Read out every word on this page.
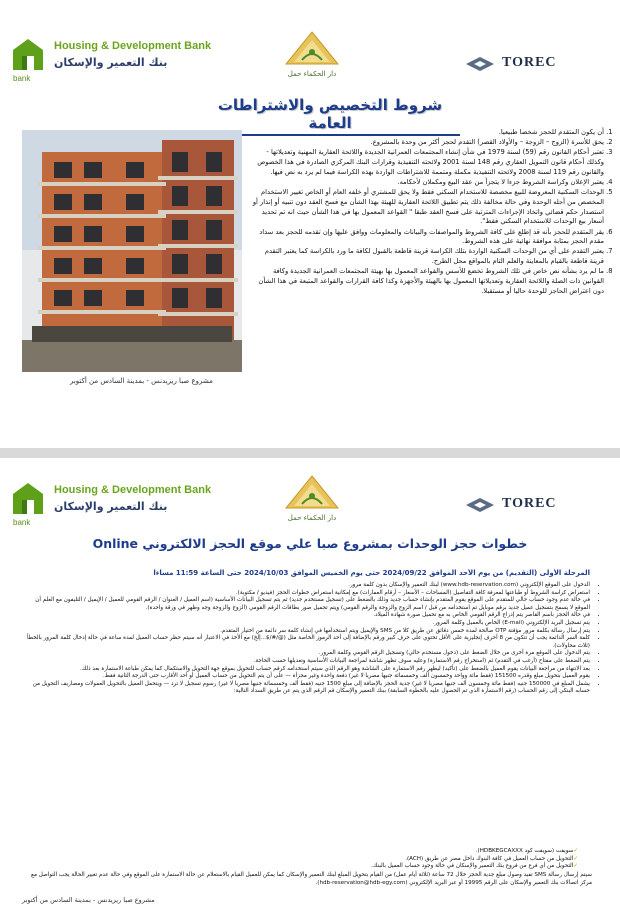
bank
Housing & Development Bank
بنك التعمير والإسكان
دار الحكماء حمل
TOREC
شروط التخصيص والاشتراطات العامة
مشروع صبا ريزيدنس - بمدينة السادس من أكتوبر
1. أن يكون المتقدم للحجز شخصا طبيعيا.
2. يحق للأسرة (الزوج – الزوجة – والأولاد القصر) التقدم لحجز أكثر من وحدة بالمشروع.
3. تعتبر أحكام القانون رقم (59) لسنة 1979 في شأن إنشاء المجتمعات العمرانية الجديدة واللائحة العقارية المهنية وتعديلاتها - وكذلك أحكام قانون التمويل العقاري رقم 148 لسنة 2001 ولائحته التنفيذية وقرارات البنك المركزي الصادرة في هذا الخصوص والقانون رقم 119 لسنة 2008 ولائحته التنفيذية مكملة ومتممة للاشتراطات الواردة بهذه الكراسة فيما لم يرد به نص فيها.
4. يعتبر الإعلان وكراسة الشروط جزءا لا يتجزأ من عقد البيع ومكملان لأحكامه.
5. الوحدات السكنية المعروضة للبيع مخصصة للاستخدام السكني فقط ولا يحق للمشتري أو خلفه العام أو الخاص تغيير الاستخدام المخصص من أجله الوحدة وفي حالة مخالفة ذلك يتم تطبيق اللائحة العقارية للهيئة بهذا الشأن مع فسخ العقد دون تنبيه أو إنذار أو استصدار حكم قضائي واتخاذ الإجراءات المترتبة على فسخ العقد طبقا " القواعد المعمول بها في هذا الشأن حيث انه تم تحديد أسعار بيع الوحدات للاستخدام السكني فقط".
6. يقر المتقدم للحجز بأنه قد إطلع على كافة الشروط والمواصفات والبيانات والمعلومات ووافق عليها وإن تقدمه للحجز بعد سداد مقدم الحجز بمثابة موافقة نهائية على هذه الشروط.
7. يعتبر التقدم على أي من الوحدات السكنية الواردة بتلك الكراسة قرينة قاطعة بالقبول لكافة ما ورد بالكراسة كما يعتبر التقدم قرينة قاطعة بالقيام بالمعاينة والعلم التام بالمواقع محل الطرح.
8. ما لم يرد بشأنه نص خاص في تلك الشروط تخضع للأسس والقواعد المعمول بها بهيئة المجتمعات العمرانية الجديدة وكافة القوانين ذات الصلة واللائحة العقارية وتعديلاتها المعمول بها بالهيئة والأجهزة وكذا كافة القرارات والقواعد المتبعة في هذا الشأن دون اعتراض الحاجز للوحدة حاليا أو مستقبلا.
bank
Housing & Development Bank
بنك التعمير والإسكان
دار الحكماء حمل
TOREC
خطوات حجز الوحدات بمشروع صبا علي موقع الحجز الالكتروني Online
المرحلة الأولى (التقديم) من يوم الأحد الموافق 2024/09/22 حتى يوم الخميس الموافق 2024/10/03 حتى الساعة 11:59 مساءا
• الدخول على الموقع الإلكتروني (www.hdb-reservation.com) لبنك التعمير والإسكان بدون كلمة مرور.
• استعراض كراسة الشروط أو طباعتها لمعرفة كافة التفاصيل (المساحات – الأسعار – أرقام العمارات) مع إمكانية استعراض خطوات الحجز (فيديو / مكتوبة).
• في حالة عدم وجود حساب حالي للمتقدم على الموقع يقوم المتقدم بإنشاء حساب جديد وذلك بالضغط على (تسجيل مستخدم جديد) ثم يتم تسجيل البيانات الأساسية (اسم العميل / العنوان / الرقم القومي للعميل / الإيميل / التليفون مع العلم أن الموقع لا يسمح بتسجيل عميل جديد برقم موبايل تم استخدامه من قبل / اسم الزوج والزوجة والرقم القومي) ويتم تحميل صور بطاقات الرقم القومي (الزوج والزوجة وجه وظهر في ورقة واحدة).
• في حالة الحجز باسم القاصر يتم إدراج الرقم القومي الخاص به مع تحميل صورة شهادة الميلاد.
• يتم تسجيل البريد الإلكتروني (E-mail) الخاص بالعميل وكلمة المرور.
• يتم إرسال رسالة بكلمة مرور مؤقتة OTP صالحة لمدة خمس دقائق عن طريق كلا من SMS والإيميل ويتم استخدامها في إنشاء كلمة سر دائمة من اختيار المتقدم.
• كلمة السر الدائمة يجب أن تتكون من 8 أحرف إنجليزية على الأقل تحتوي على حرف كبير ورقم بالإضافة إلى أحد الرموز الخاصة مثل (@/#/$...إلخ) مع الأخذ في الاعتبار أنه سيتم حظر حساب العميل لمدة ساعة في حالة إدخال كلمة المرور بالخطأ (ثلاث محاولات).
• يتم الدخول على الموقع مرة أخرى من خلال الضغط على (دخول مستخدم حالي) وتسجيل الرقم القومي وكلمة المرور.
• يتم الضغط على مفتاح (أرغب في التقدم) ثم (استخراج رقم الاستمارة) وعليه سوف تظهر شاشة لمراجعة البيانات الأساسية وتعديلها حسب الحاجة.
• بعد الانتهاء من مراجعة البيانات يقوم العميل بالضغط على (تأكيد) ليظهر رقم الاستمارة على الشاشة وهو الرقم الذي سيتم استخدامه كرقم حساب للتحويل بموقع جهة التحويل والاستكمال كما يمكن طباعة الاستمارة بعد ذلك.
• يقوم العميل بتحويل مبلغ وقدره 151500 (فقط مائة وواحد وخمسون ألف وخمسمائة جنيها مصريا لا غير) دفعة واحدة وغير مجزأة — على أن يتم التحويل من حساب العميل أو أحد الأقارب حتى الدرجة الثانية فقط.
• يشمل المبلغ في 150000 جنيه (فقط مائة وخمسون ألف جنيها مصريا لا غير) جدية الحجز بالإضافة إلى مبلغ 1500 جنيه (فقط ألف وخمسمائة جنيها مصريا لا غير) رسوم تسجيل لا ترد — ويتحمل العميل بالتحويل العمولات ومصاريف التحويل من حسابه البنكي إلى رقم الحساب (رقم الاستمارة الذي تم الحصول عليه بالخطوة السابقة) ببنك التعمير والإسكان قم الرقم الذي يتم عن طريق السداد التالية:
✓ سويفت (سويفت كود HDBKEGCAXXX).
✓ التحويل من حساب العميل في كافة البنوك داخل مصر عن طريق (ACH).
✓ التحويل من أي فرع من فروع بنك التعمير والإسكان في حالة وجود حساب العميل بالبنك.
سيتم إرسال رسالة SMS تفيد وصول مبلغ جدية الحجز خلال 72 ساعة (ثلاثة أيام عمل) من القيام بتحويل المبلغ لبنك التعمير والإسكان كما يمكن للعميل القيام بالاستعلام عن حالة الاستمارة على الموقع وفي حالة عدم تغيير الحالة يجب التواصل مع مركز اتصالات بنك التعمير والإسكان على الرقم 19995 أو عبر البريد الإلكتروني (hdb-reservation@hdb-egy.com).
مشروع صبا ريزيدنس - بمدينة السادس من أكتوبر
